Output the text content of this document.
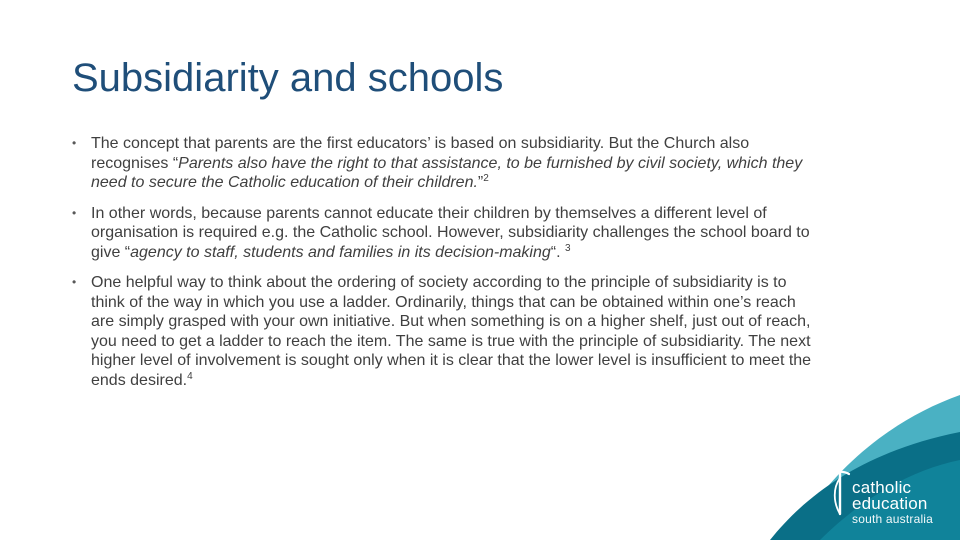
Subsidiarity and schools
• The concept that parents are the first educators’ is based on subsidiarity. But the Church also recognises “Parents also have the right to that assistance, to be furnished by civil society, which they need to secure the Catholic education of their children.”$^2$
• In other words, because parents cannot educate their children by themselves a different level of organisation is required e.g. the Catholic school. However, subsidiarity challenges the school board to give “agency to staff, students and families in its decision-making“. $^3$
• One helpful way to think about the ordering of society according to the principle of subsidiarity is to think of the way in which you use a ladder. Ordinarily, things that can be obtained within one’s reach are simply grasped with your own initiative. But when something is on a higher shelf, just out of reach, you need to get a ladder to reach the item. The same is true with the principle of subsidiarity. The next higher level of involvement is sought only when it is clear that the lower level is insufficient to meet the ends desired.$^4$
catholic
education
south australia
